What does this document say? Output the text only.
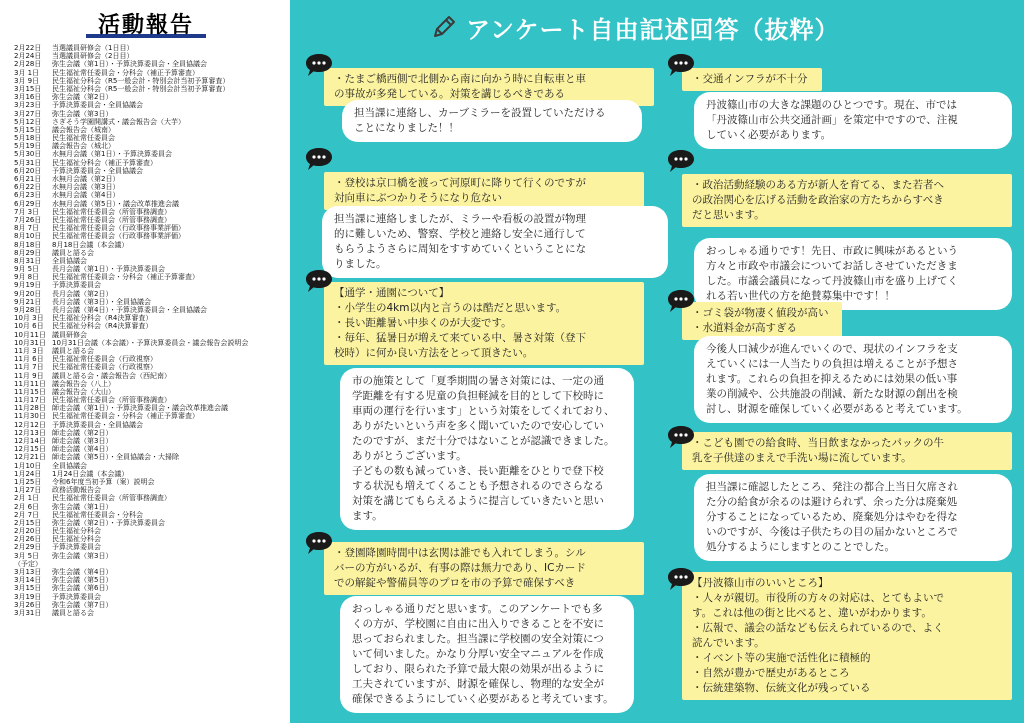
活動報告
2月22日	当選議員研修会（1日目）
2月24日	当選議員研修会（2日目）
2月28日	弥生会議（第1日）・予算決算委員会・全員協議会
3月 1日	民生福祉常任委員会・分科会（補正予算審査）
3月 9日	民生福祉分科会（R5一般会計・特別会計当初予算審査）
3月15日	民生福祉分科会（R5一般会計・特別会計当初予算審査）
3月16日	弥生会議（第2日）
3月23日	予算決算委員会・全員協議会
3月27日	弥生会議（第3日）
5月12日	さぎそう学園開講式・議会報告会（大芋）
5月15日	議会報告会（城南）
5月18日	民生福祉常任委員会
5月19日	議会報告会（城北）
5月30日	水無月会議（第1日）・予算決算委員会
5月31日	民生福祉分科会（補正予算審査）
6月20日	予算決算委員会・全員協議会
6月21日	水無月会議（第2日）
6月22日	水無月会議（第3日）
6月23日	水無月会議（第4日）
6月29日	水無月会議（第5日）・議会改革推進会議
7月 3日	民生福祉常任委員会（所管事務調査）
7月26日	民生福祉常任委員会（所管事務調査）
8月 7日	民生福祉常任委員会（行政事務事業評価）
8月10日	民生福祉常任委員会（行政事務事業評価）
8月18日	8月18日会議（本会議）
8月29日	議員と語る会
8月31日	全員協議会
9月 5日	長月会議（第1日）・予算決算委員会
9月 8日	民生福祉常任委員会・分科会（補正予算審査）
9月19日	予算決算委員会
9月20日	長月会議（第2日）
9月21日	長月会議（第3日）・全員協議会
9月28日	長月会議（第4日）・予算決算委員会・全員協議会
10月 3日	民生福祉分科会（R4決算審査）
10月 6日	民生福祉分科会（R4決算審査）
10月11日 議員研修会
10月31日 10月31日会議（本会議）・予算決算委員会・議会報告会説明会
11月 3日	議員と語る会
11月 6日	民生福祉常任委員会（行政視察）
11月 7日	民生福祉常任委員会（行政視察）
11月 9日	議員と語る会・議会報告会（西紀南）
11月11日 議会報告会（八上）
11月15日 議会報告会（大山）
11月17日 民生福祉常任委員会（所管事務調査）
11月28日 師走会議（第1日）・予算決算委員会・議会改革推進会議
11月30日 民生福祉常任委員会・分科会（補正予算審査）
12月12日 予算決算委員会・全員協議会
12月13日 師走会議（第2日）
12月14日 師走会議（第3日）
12月15日 師走会議（第4日）
12月21日 師走会議（第5日）・全員協議会・大掃除
1月10日	全員協議会
1月24日	1月24日会議（本会議）
1月25日	令和6年度当初予算（案）説明会
1月27日	政務活動報告会
2月 1日	民生福祉常任委員会（所管事務調査）
2月 6日	弥生会議（第1日）
2月 7日	民生福祉常任委員会・分科会
2月15日	弥生会議（第2日）・予算決算委員会
2月20日	民生福祉分科会
2月26日	民生福祉分科会
2月29日	予算決算委員会
3月 5日	弥生会議（第3日）
（予定）
3月13日	弥生会議（第4日）
3月14日	弥生会議（第5日）
3月15日	弥生会議（第6日）
3月19日	予算決算委員会
3月26日	弥生会議（第7日）
3月31日	議員と語る会
アンケート自由記述回答（抜粋）
・たまご橋西側で北側から南に向かう時に自転車と車
の事故が多発している。対策を講じるべきである
担当課に連絡し、カーブミラーを設置していただける
ことになりました！！
・登校は京口橋を渡って河原町に降りて行くのですが
対向車にぶつかりそうになり危ない
担当課に連絡しましたが、ミラーや看板の設置が物理
的に難しいため、警察、学校と連絡し安全に通行して
もらうようさらに周知をすすめていくということにな
りました。
【通学・通園について】
・小学生の4km以内と言うのは酷だと思います。
・長い距離暑い中歩くのが大変です。
・毎年、猛暑日が増えて来ている中、暑さ対策（登下
校時）に何か良い方法をとって頂きたい。
市の施策として「夏季期間の暑さ対策には、一定の通
学距離を有する児童の負担軽減を目的として下校時に
車両の運行を行います」という対策をしてくれており、
ありがたいという声を多く聞いていたので安心してい
たのですが、まだ十分ではないことが認識できました。
ありがとうございます。
子どもの数も減っていき、長い距離をひとりで登下校
する状況も増えてくることも予想されるのでさらなる
対策を講じてもらえるように提言していきたいと思い
ます。
・登園降園時間中は玄関は誰でも入れてしまう。シル
バーの方がいるが、有事の際は無力であり、ICカード
での解錠や警備員等のプロを市の予算で確保すべき
おっしゃる通りだと思います。このアンケートでも多
くの方が、学校園に自由に出入りできることを不安に
思っておられました。担当課に学校園の安全対策につ
いて伺いました。かなり分厚い安全マニュアルを作成
しており、限られた予算で最大限の効果が出るように
工夫されていますが、財源を確保し、物理的な安全が
確保できるようにしていく必要があると考えています。
・交通インフラが不十分
丹波篠山市の大きな課題のひとつです。現在、市では
「丹波篠山市公共交通計画」を策定中ですので、注視
していく必要があります。
・政治活動経験のある方が新人を育てる、また若者へ
の政治関心を広げる活動を政治家の方たちからすべき
だと思います。
おっしゃる通りです！先日、市政に興味があるという
方々と市政や市議会についてお話しさせていただきま
した。市議会議員になって丹波篠山市を盛り上げてく
れる若い世代の方を絶賛募集中です！！
・ゴミ袋が物凄く値段が高い
・水道料金が高すぎる
今後人口減少が進んでいくので、現状のインフラを支
えていくには一人当たりの負担は増えることが予想さ
れます。これらの負担を抑えるためには効果の低い事
業の削減や、公共施設の削減、新たな財源の創出を検
討し、財源を確保していく必要があると考えています。
・こども園での給食時、当日飲まなかったパックの牛
乳を子供達のまえで手洗い場に流しています。
担当課に確認したところ、発注の都合上当日欠席され
た分の給食が余るのは避けられず、余った分は廃棄処
分することになっているため、廃棄処分はやむを得な
いのですが、今後は子供たちの目の届かないところで
処分するようにしますとのことでした。
【丹波篠山市のいいところ】
・人々が親切。市役所の方々の対応は、とてもよいで
す。これは他の街と比べると、違いがわかります。
・広報で、議会の話なども伝えられているので、よく
読んでいます。
・イベント等の実施で活性化に積極的
・自然が豊かで歴史があるところ
・伝統建築物、伝統文化が残っている
